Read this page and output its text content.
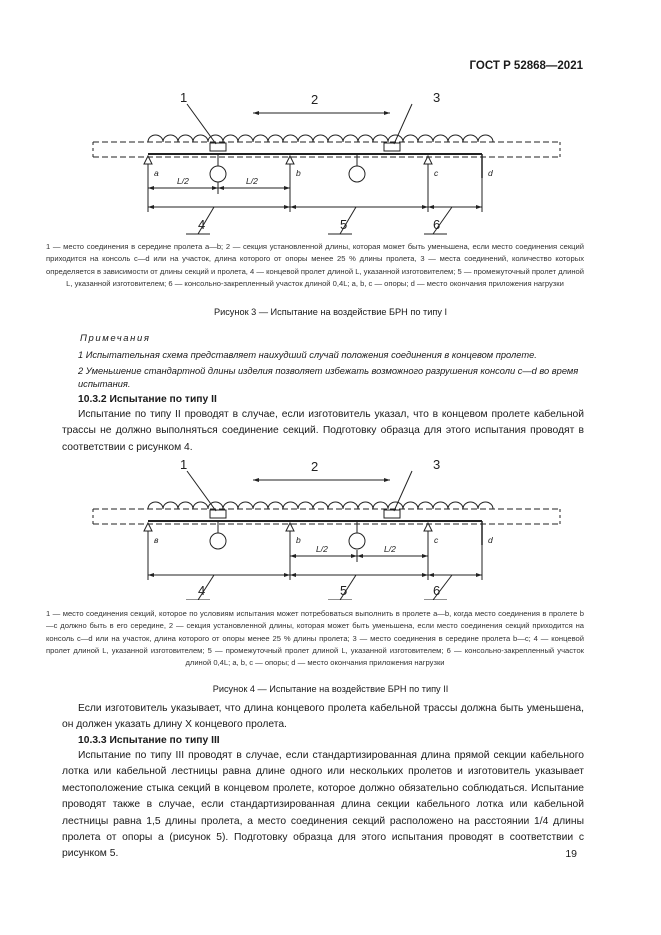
ГОСТ Р 52868—2021
1	2	3
4	5	6
a	b	c	d
L/2	L/2
1 — место соединения в середине пролета a—b; 2 — секция установленной длины, которая может быть уменьшена, если место соединения секций приходится на консоль c—d или на участок, длина которого от опоры менее 25 % длины пролета, 3 — места соединений, количество которых определяется в зависимости от длины секций и пролета, 4 — концевой пролет длиной L, указанной изготовителем; 5 — промежуточный пролет длиной L, указанной изготовителем; 6 — консольно-закрепленный участок длиной 0,4L; a, b, c — опоры; d — место окончания приложения нагрузки
Рисунок 3 — Испытание на воздействие БРН по типу I
Примечания
1 Испытательная схема представляет наихудший случай положения соединения в концевом пролете.
2 Уменьшение стандартной длины изделия позволяет избежать возможного разрушения консоли c—d во время испытания.
10.3.2 Испытание по типу II
Испытание по типу II проводят в случае, если изготовитель указал, что в концевом пролете кабельной трассы не должно выполняться соединение секций. Подготовку образца для этого испытания проводят в соответствии с рисунком 4.
1	2	3
4	5	6
в	b	c	d
L/2	L/2
1 — место соединения секций, которое по условиям испытания может потребоваться выполнить в пролете a—b, когда место соединения в пролете b—c должно быть в его середине, 2 — секция установленной длины, которая может быть уменьшена, если место соединения секций приходится на консоль c—d или на участок, длина которого от опоры менее 25 % длины пролета; 3 — место соединения в середине пролета b—c; 4 — концевой пролет длиной L, указанной изготовителем; 5 — промежуточный пролет длиной L, указанной изготовителем; 6 — консольно-закрепленный участок длиной 0,4L; a, b, c — опоры; d — место окончания приложения нагрузки
Рисунок 4 — Испытание на воздействие БРН по типу II
Если изготовитель указывает, что длина концевого пролета кабельной трассы должна быть уменьшена, он должен указать длину X концевого пролета.
10.3.3 Испытание по типу III
Испытание по типу III проводят в случае, если стандартизированная длина прямой секции кабельного лотка или кабельной лестницы равна длине одного или нескольких пролетов и изготовитель указывает местоположение стыка секций в концевом пролете, которое должно обязательно соблюдаться. Испытание проводят также в случае, если стандартизированная длина секции кабельного лотка или кабельной лестницы равна 1,5 длины пролета, а место соединения секций расположено на расстоянии 1/4 длины пролета от опоры a (рисунок 5). Подготовку образца для этого испытания проводят в соответствии с рисунком 5.	19
